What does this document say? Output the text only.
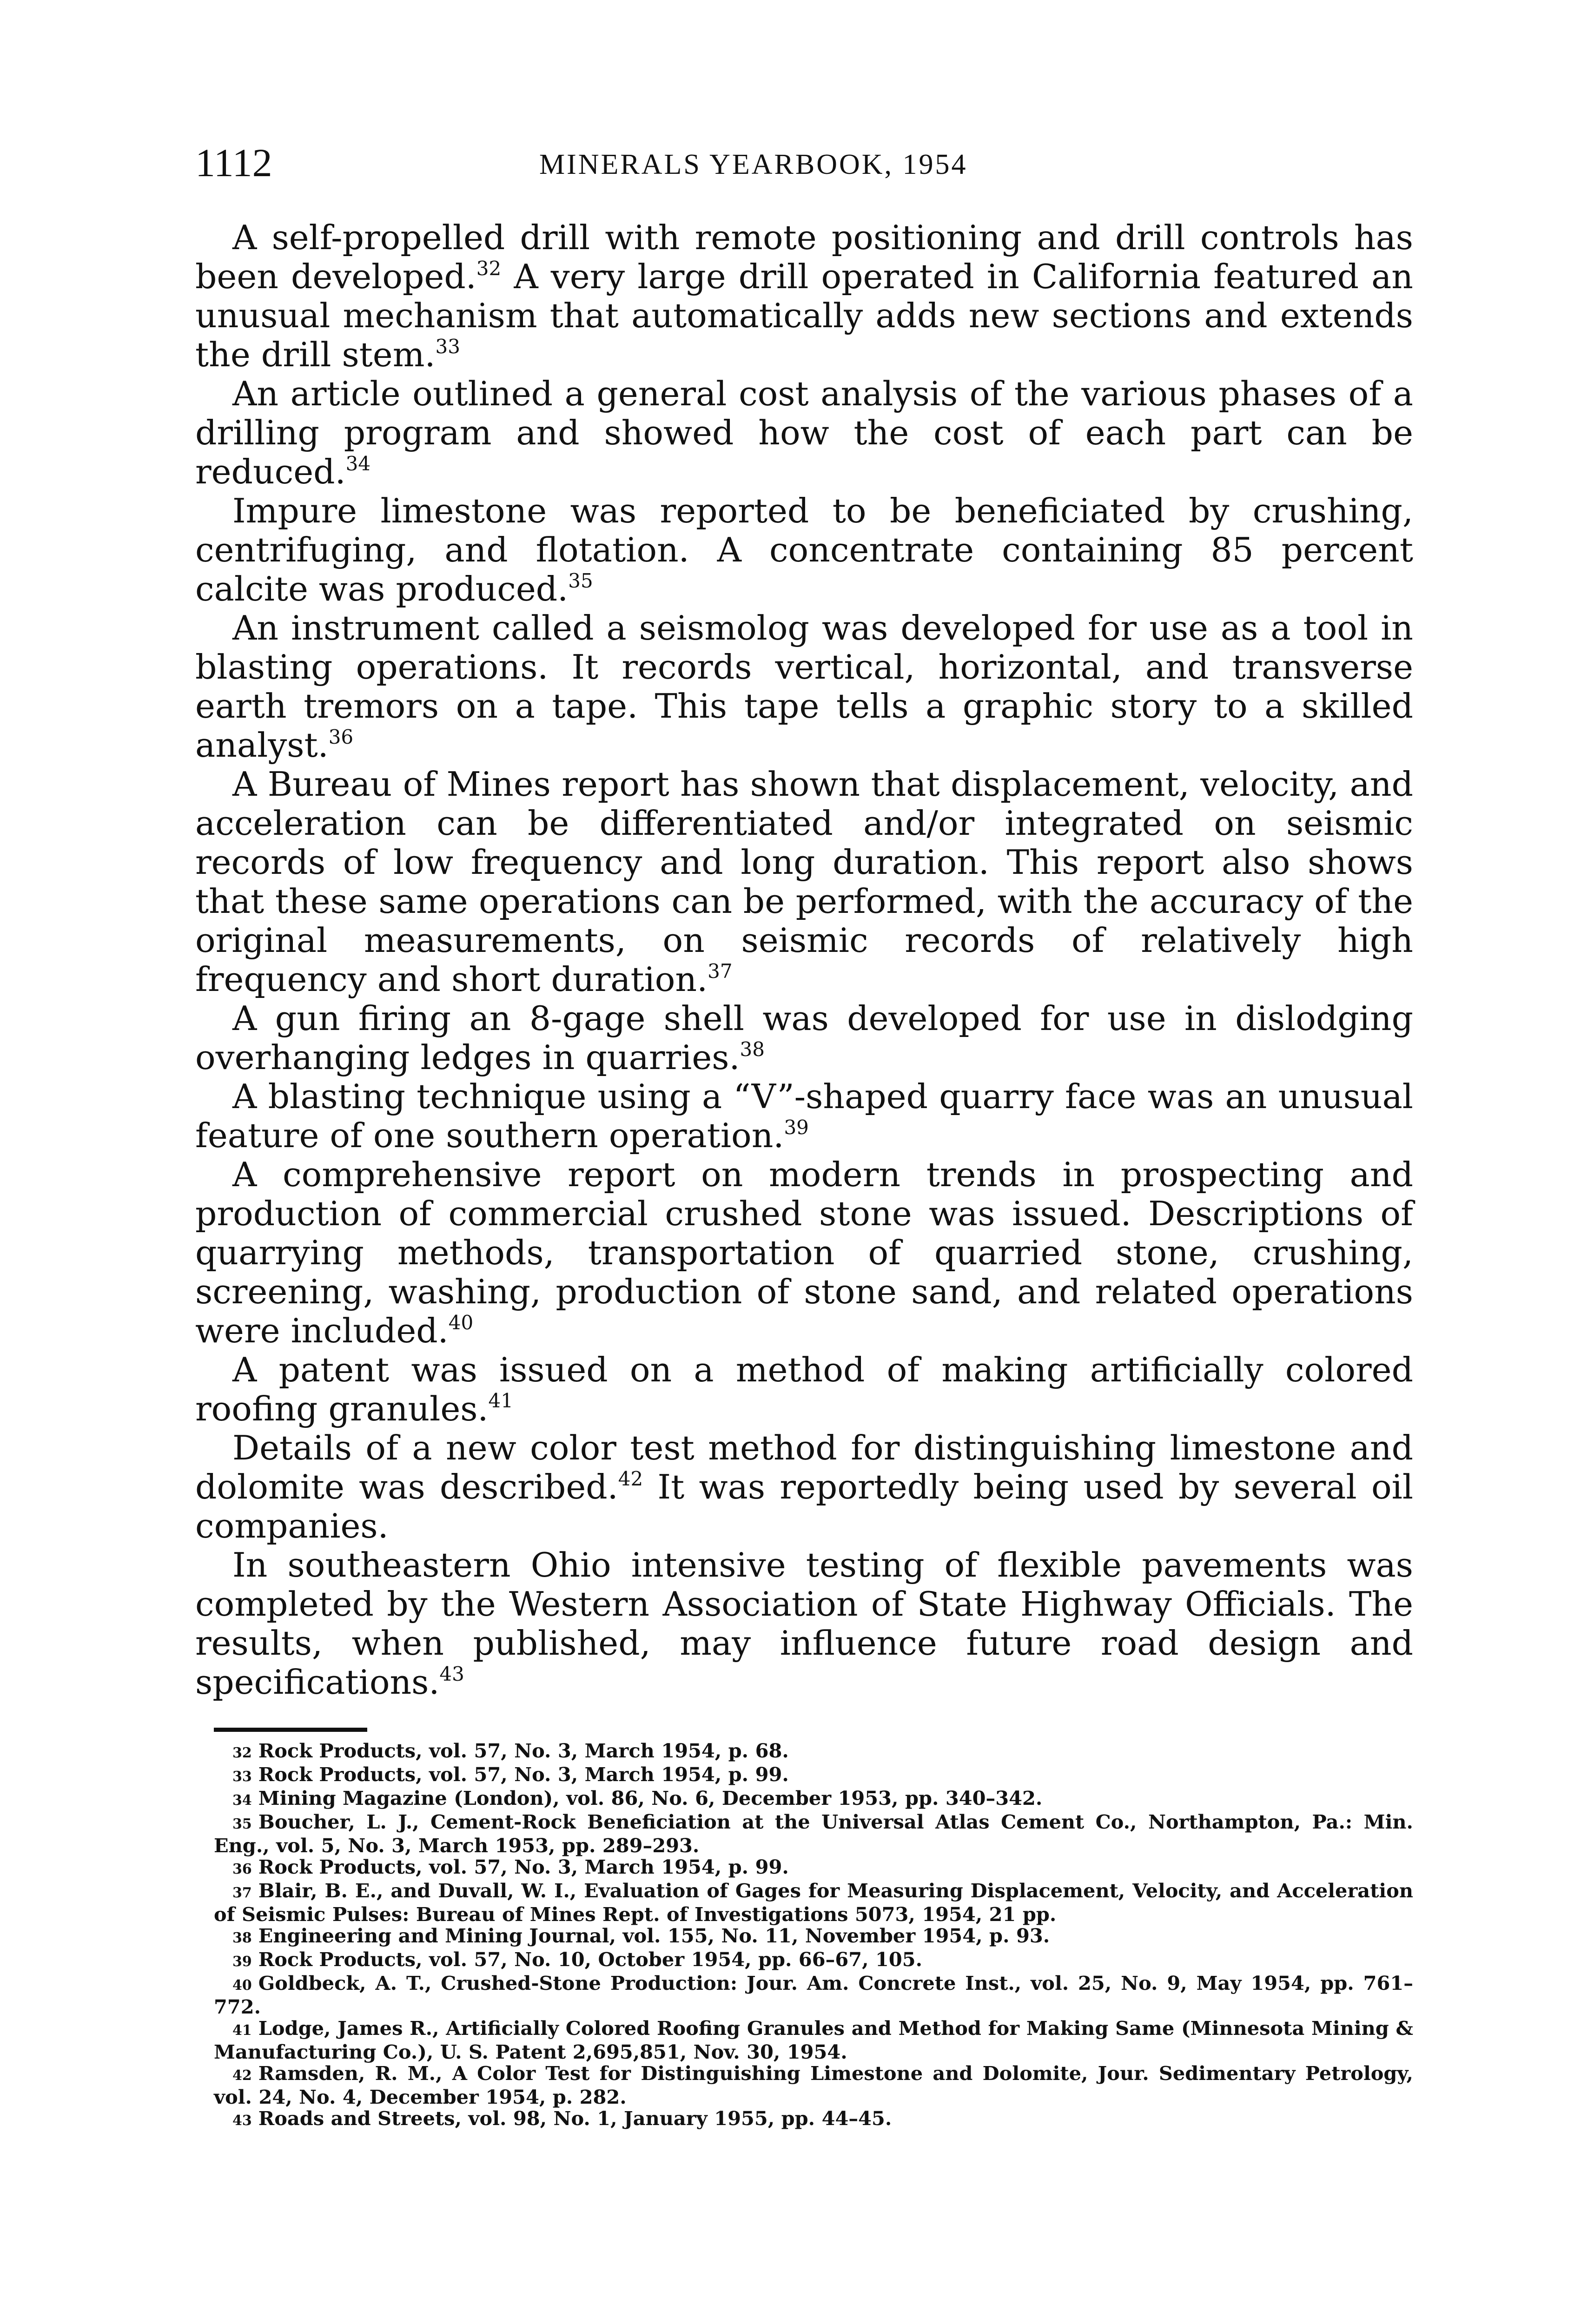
1112	MINERALS YEARBOOK, 1954

A self-propelled drill with remote positioning and drill controls has been developed.$^{32}$ A very large drill operated in California featured an unusual mechanism that automatically adds new sections and extends the drill stem.$^{33}$

An article outlined a general cost analysis of the various phases of a drilling program and showed how the cost of each part can be reduced.$^{34}$

Impure limestone was reported to be beneficiated by crushing, centrifuging, and flotation. A concentrate containing 85 percent calcite was produced.$^{35}$

An instrument called a seismolog was developed for use as a tool in blasting operations. It records vertical, horizontal, and transverse earth tremors on a tape. This tape tells a graphic story to a skilled analyst.$^{36}$

A Bureau of Mines report has shown that displacement, velocity, and acceleration can be differentiated and/or integrated on seismic records of low frequency and long duration. This report also shows that these same operations can be performed, with the accuracy of the original measurements, on seismic records of relatively high frequency and short duration.$^{37}$

A gun firing an 8-gage shell was developed for use in dislodging overhanging ledges in quarries.$^{38}$

A blasting technique using a “V”-shaped quarry face was an unusual feature of one southern operation.$^{39}$

A comprehensive report on modern trends in prospecting and production of commercial crushed stone was issued. Descriptions of quarrying methods, transportation of quarried stone, crushing, screening, washing, production of stone sand, and related operations were included.$^{40}$

A patent was issued on a method of making artificially colored roofing granules.$^{41}$

Details of a new color test method for distinguishing limestone and dolomite was described.$^{42}$ It was reportedly being used by several oil companies.

In southeastern Ohio intensive testing of flexible pavements was completed by the Western Association of State Highway Officials. The results, when published, may influence future road design and specifications.$^{43}$

32 Rock Products, vol. 57, No. 3, March 1954, p. 68.

33 Rock Products, vol. 57, No. 3, March 1954, p. 99.

34 Mining Magazine (London), vol. 86, No. 6, December 1953, pp. 340–342.

35 Boucher, L. J., Cement-Rock Beneficiation at the Universal Atlas Cement Co., Northampton, Pa.: Min. Eng., vol. 5, No. 3, March 1953, pp. 289–293.

36 Rock Products, vol. 57, No. 3, March 1954, p. 99.

37 Blair, B. E., and Duvall, W. I., Evaluation of Gages for Measuring Displacement, Velocity, and Acceleration of Seismic Pulses: Bureau of Mines Rept. of Investigations 5073, 1954, 21 pp.

38 Engineering and Mining Journal, vol. 155, No. 11, November 1954, p. 93.

39 Rock Products, vol. 57, No. 10, October 1954, pp. 66–67, 105.

40 Goldbeck, A. T., Crushed-Stone Production: Jour. Am. Concrete Inst., vol. 25, No. 9, May 1954, pp. 761–772.

41 Lodge, James R., Artificially Colored Roofing Granules and Method for Making Same (Minnesota Mining & Manufacturing Co.), U. S. Patent 2,695,851, Nov. 30, 1954.

42 Ramsden, R. M., A Color Test for Distinguishing Limestone and Dolomite, Jour. Sedimentary Petrology, vol. 24, No. 4, December 1954, p. 282.

43 Roads and Streets, vol. 98, No. 1, January 1955, pp. 44–45.
